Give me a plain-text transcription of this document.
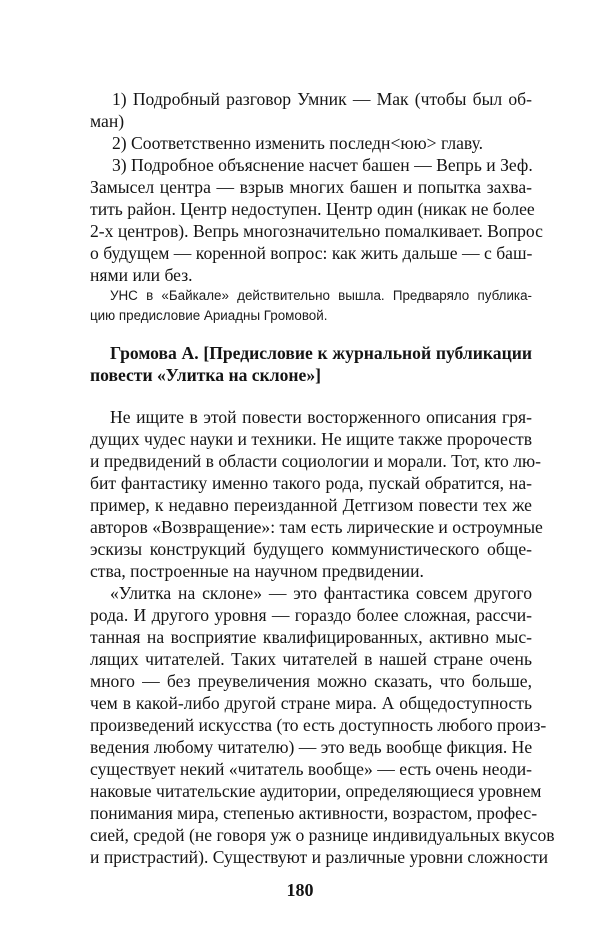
1) Подробный разговор Умник — Мак (чтобы был об-
ман)
2) Соответственно изменить последн<юю> главу.
3) Подробное объяснение насчет башен — Вепрь и Зеф.
Замысел центра — взрыв многих башен и попытка захва-
тить район. Центр недоступен. Центр один (никак не более
2-х центров). Вепрь многозначительно помалкивает. Вопрос
о будущем — коренной вопрос: как жить дальше — с баш-
нями или без.
УНС в «Байкале» действительно вышла. Предваряло публика-
цию предисловие Ариадны Громовой.
Громова А. [Предисловие к журнальной публикации
повести «Улитка на склоне»]
Не ищите в этой повести восторженного описания гря-
дущих чудес науки и техники. Не ищите также пророчеств
и предвидений в области социологии и морали. Тот, кто лю-
бит фантастику именно такого рода, пускай обратится, на-
пример, к недавно переизданной Детгизом повести тех же
авторов «Возвращение»: там есть лирические и остроумные
эскизы конструкций будущего коммунистического обще-
ства, построенные на научном предвидении.
«Улитка на склоне» — это фантастика совсем другого
рода. И другого уровня — гораздо более сложная, рассчи-
танная на восприятие квалифицированных, активно мыс-
лящих читателей. Таких читателей в нашей стране очень
много — без преувеличения можно сказать, что больше,
чем в какой-либо другой стране мира. А общедоступность
произведений искусства (то есть доступность любого произ-
ведения любому читателю) — это ведь вообще фикция. Не
существует некий «читатель вообще» — есть очень неоди-
наковые читательские аудитории, определяющиеся уровнем
понимания мира, степенью активности, возрастом, профес-
сией, средой (не говоря уж о разнице индивидуальных вкусов
и пристрастий). Существуют и различные уровни сложности
180
